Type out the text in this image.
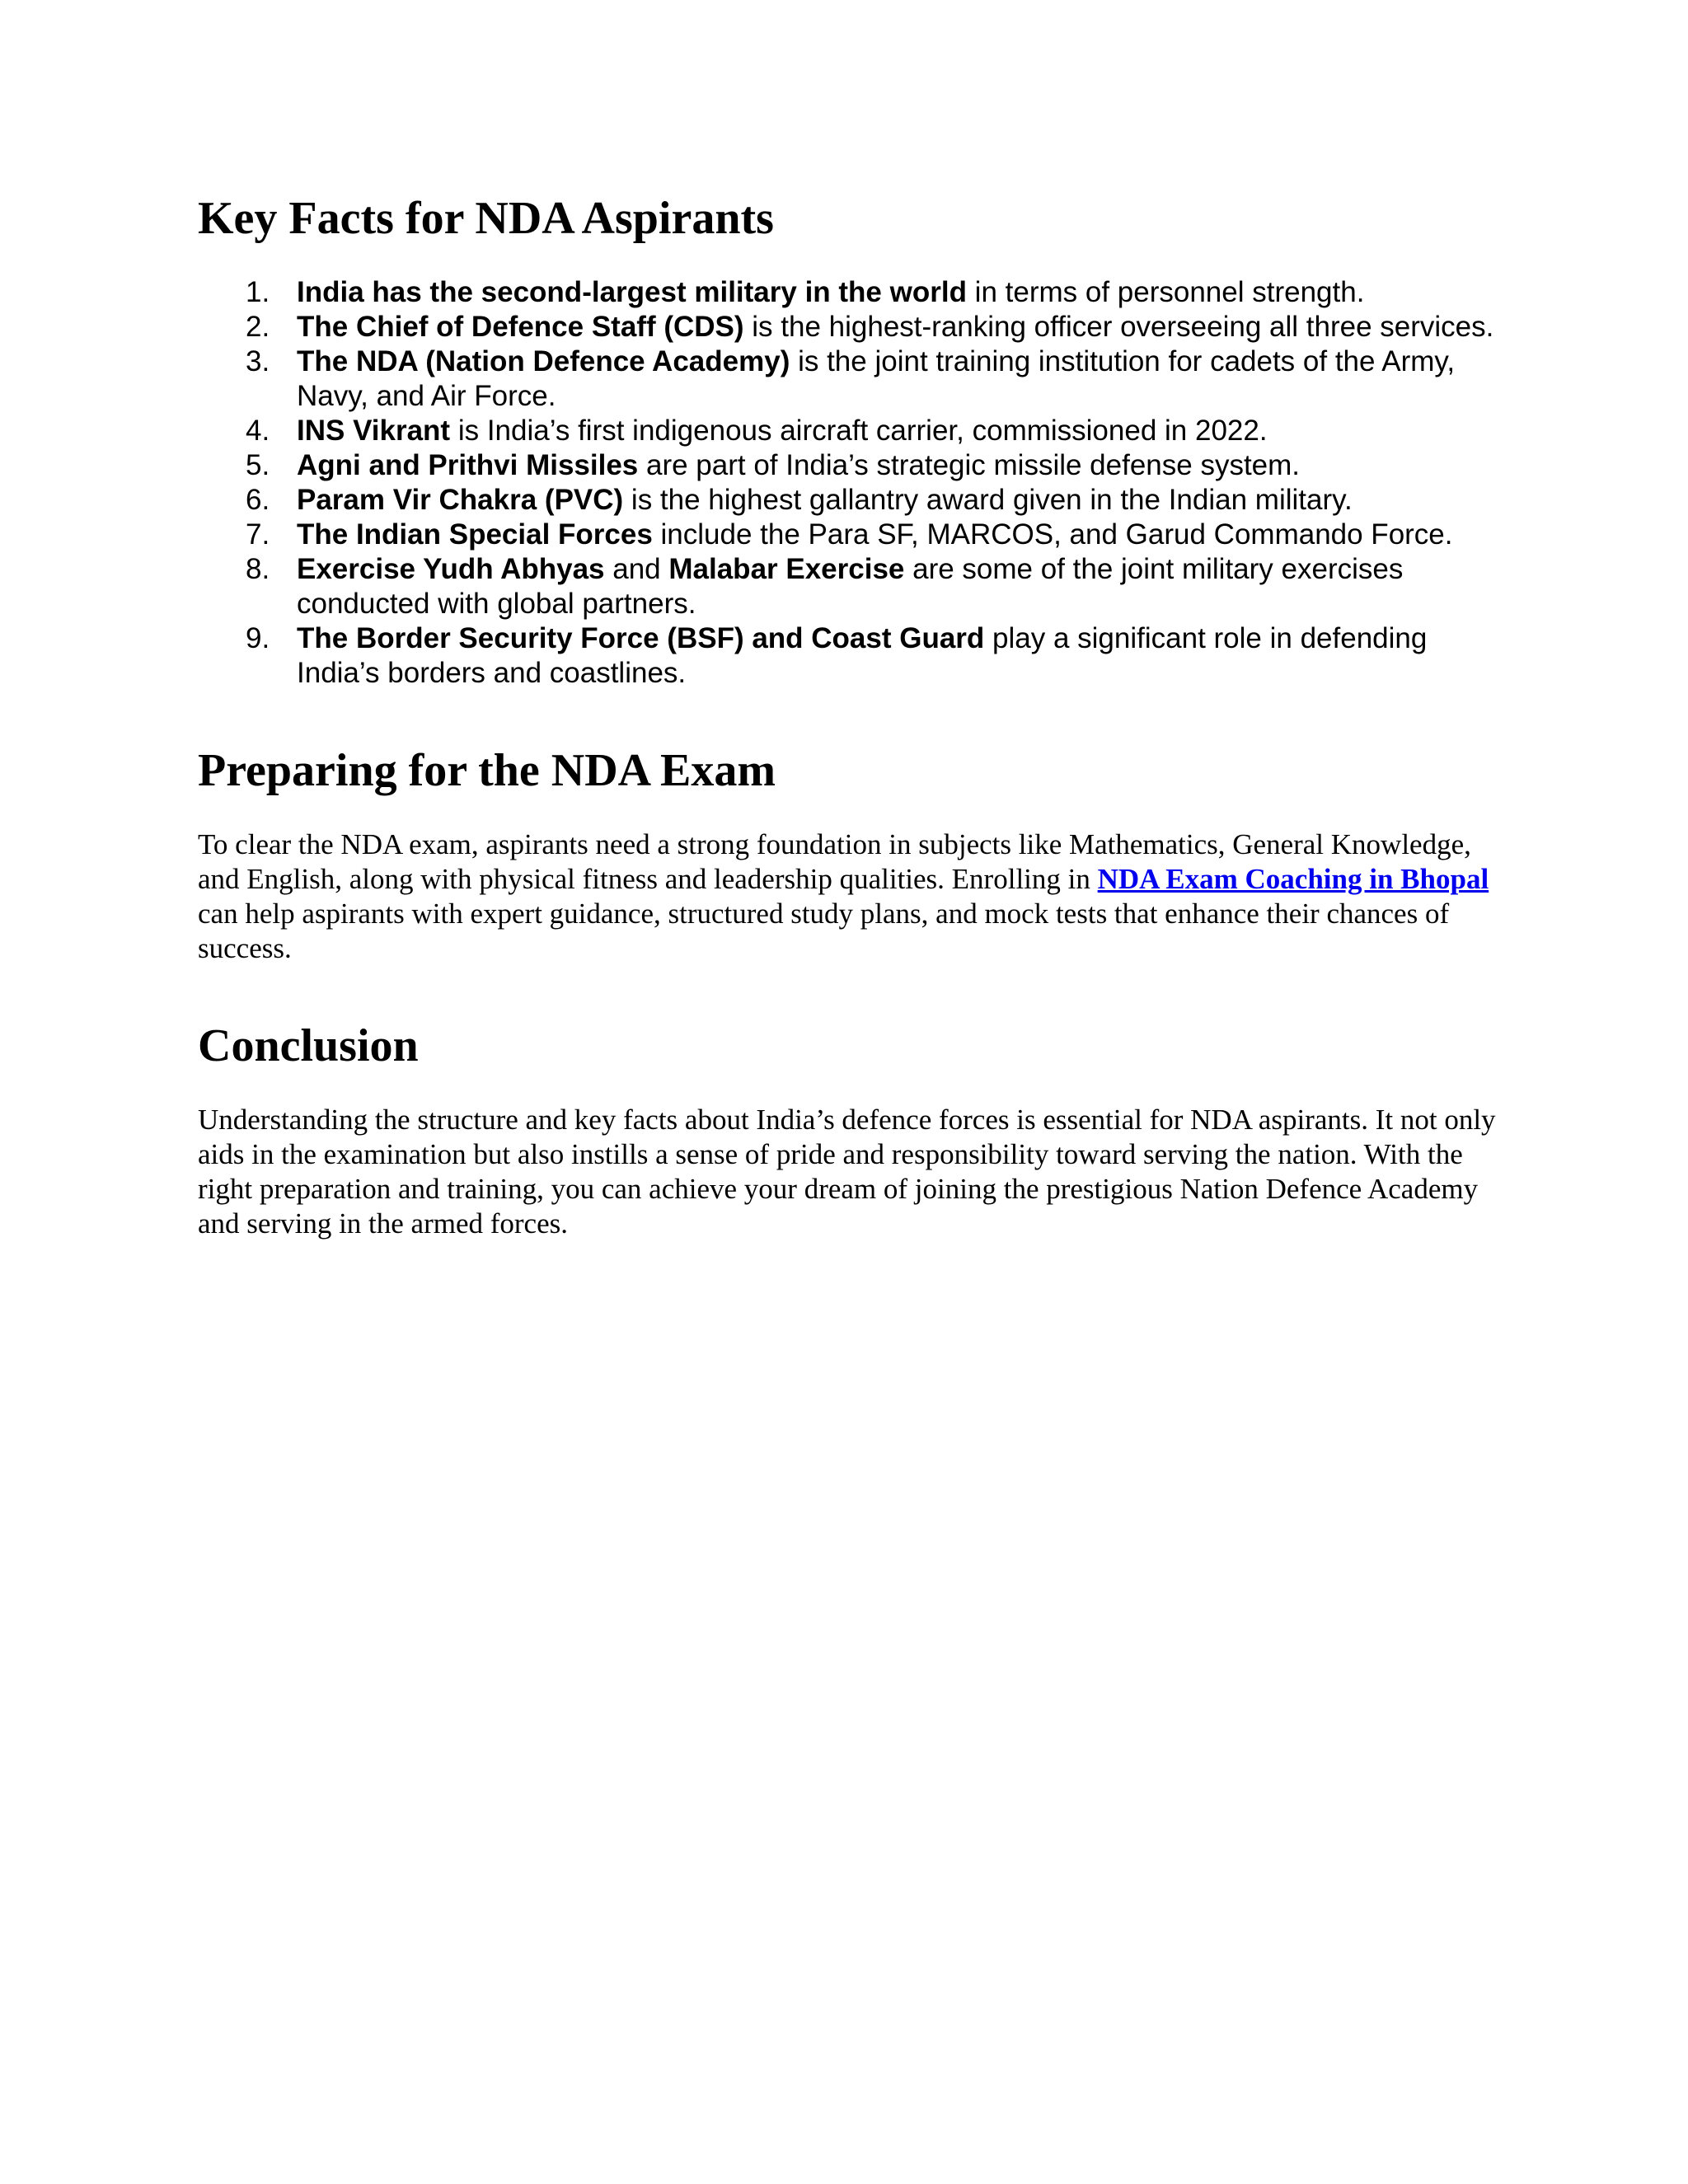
Key Facts for NDA Aspirants
1. India has the second-largest military in the world in terms of personnel strength.
2. The Chief of Defence Staff (CDS) is the highest-ranking officer overseeing all three services.
3. The NDA (Nation Defence Academy) is the joint training institution for cadets of the Army, Navy, and Air Force.
4. INS Vikrant is India’s first indigenous aircraft carrier, commissioned in 2022.
5. Agni and Prithvi Missiles are part of India’s strategic missile defense system.
6. Param Vir Chakra (PVC) is the highest gallantry award given in the Indian military.
7. The Indian Special Forces include the Para SF, MARCOS, and Garud Commando Force.
8. Exercise Yudh Abhyas and Malabar Exercise are some of the joint military exercises conducted with global partners.
9. The Border Security Force (BSF) and Coast Guard play a significant role in defending India’s borders and coastlines.
Preparing for the NDA Exam

To clear the NDA exam, aspirants need a strong foundation in subjects like Mathematics, General Knowledge, and English, along with physical fitness and leadership qualities. Enrolling in NDA Exam Coaching in Bhopal can help aspirants with expert guidance, structured study plans, and mock tests that enhance their chances of success.

Conclusion

Understanding the structure and key facts about India’s defence forces is essential for NDA aspirants. It not only aids in the examination but also instills a sense of pride and responsibility toward serving the nation. With the right preparation and training, you can achieve your dream of joining the prestigious Nation Defence Academy and serving in the armed forces.
